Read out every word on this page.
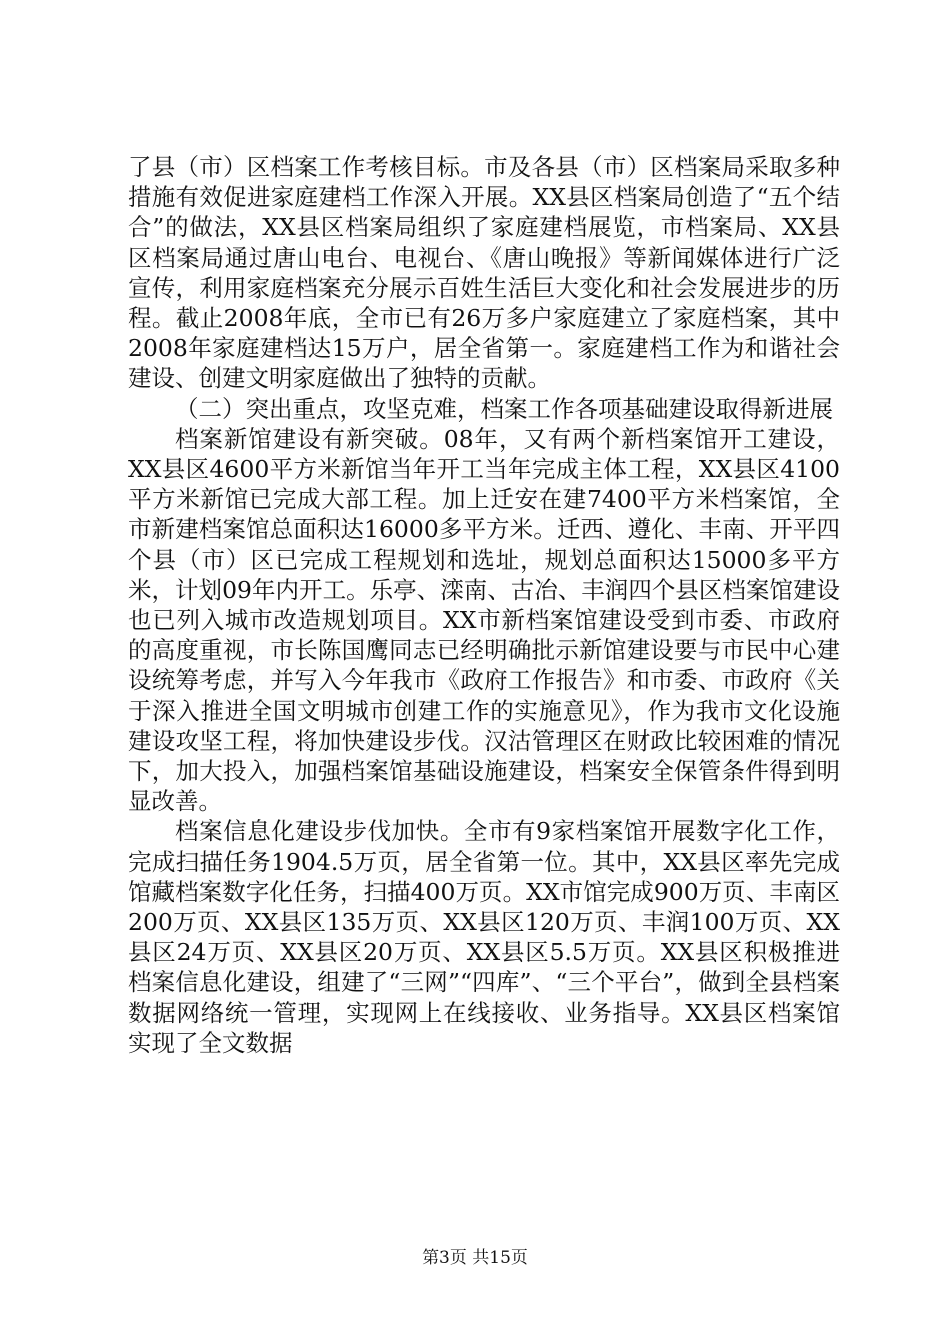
了县（市）区档案工作考核目标。市及各县（市）区档案局采取多种措施有效促进家庭建档工作深入开展。XX县区档案局创造了“五个结合”的做法，XX县区档案局组织了家庭建档展览，市档案局、XX县区档案局通过唐山电台、电视台、《唐山晚报》等新闻媒体进行广泛宣传，利用家庭档案充分展示百姓生活巨大变化和社会发展进步的历程。截止2008年底，全市已有26万多户家庭建立了家庭档案，其中2008年家庭建档达15万户，居全省第一。家庭建档工作为和谐社会建设、创建文明家庭做出了独特的贡献。

（二）突出重点，攻坚克难，档案工作各项基础建设取得新进展

档案新馆建设有新突破。08年，又有两个新档案馆开工建设，XX县区4600平方米新馆当年开工当年完成主体工程，XX县区4100平方米新馆已完成大部工程。加上迁安在建7400平方米档案馆，全市新建档案馆总面积达16000多平方米。迁西、遵化、丰南、开平四个县（市）区已完成工程规划和选址，规划总面积达15000多平方米，计划09年内开工。乐亭、滦南、古冶、丰润四个县区档案馆建设也已列入城市改造规划项目。XX市新档案馆建设受到市委、市政府的高度重视，市长陈国鹰同志已经明确批示新馆建设要与市民中心建设统筹考虑，并写入今年我市《政府工作报告》和市委、市政府《关于深入推进全国文明城市创建工作的实施意见》，作为我市文化设施建设攻坚工程，将加快建设步伐。汉沽管理区在财政比较困难的情况下，加大投入，加强档案馆基础设施建设，档案安全保管条件得到明显改善。

档案信息化建设步伐加快。全市有9家档案馆开展数字化工作，完成扫描任务1904.5万页，居全省第一位。其中，XX县区率先完成馆藏档案数字化任务，扫描400万页。XX市馆完成900万页、丰南区200万页、XX县区135万页、XX县区120万页、丰润100万页、XX县区24万页、XX县区20万页、XX县区5.5万页。XX县区积极推进档案信息化建设，组建了“三网”“四库”、“三个平台”，做到全县档案数据网络统一管理，实现网上在线接收、业务指导。XX县区档案馆实现了全文数据

第3页 共15页
